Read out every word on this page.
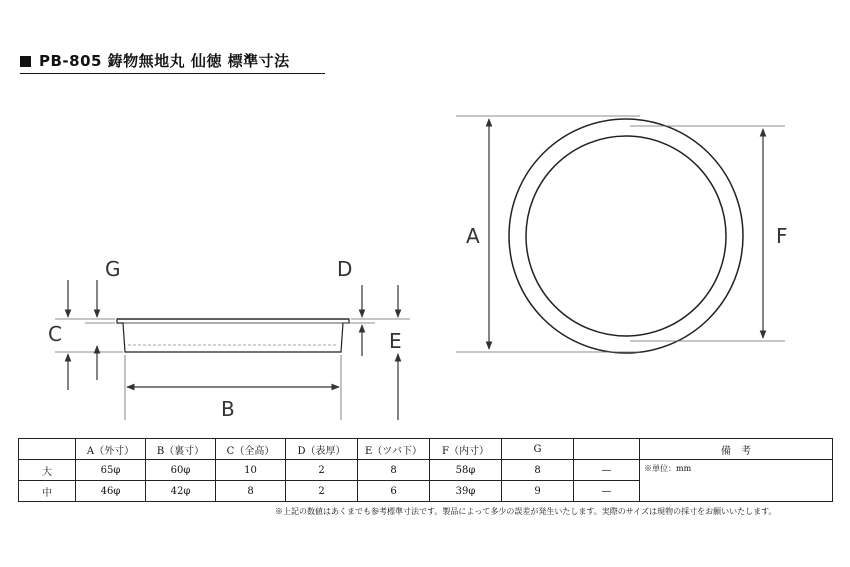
PB-805 鋳物無地丸 仙徳 標準寸法
C
G	D
E
B
A	F
	A（外寸）	B（裏寸）	C（全高）	D（表厚）	E（ツバ下）	F（内寸）	G		備　考
大	65φ	60φ	10	2	8	58φ	8	—	※単位：mm
中	46φ	42φ	8	2	6	39φ	9	—	
※上記の数値はあくまでも参考標準寸法です。製品によって多少の誤差が発生いたします。実際のサイズは現物の採寸をお願いいたします。
